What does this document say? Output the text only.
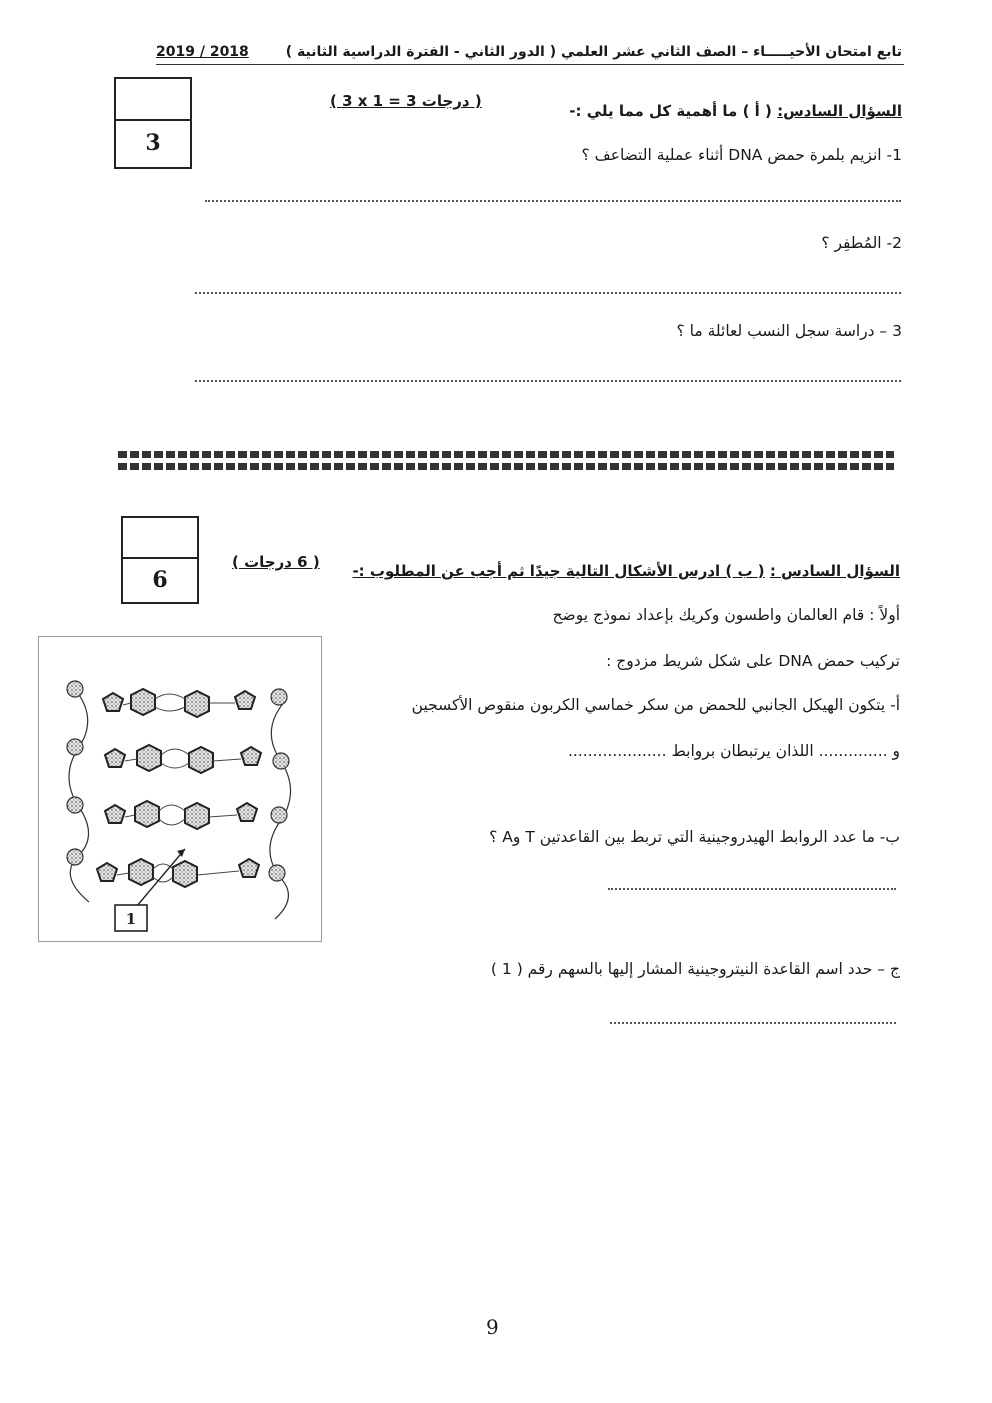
تابع امتحان الأحيـــــاء – الصف الثاني عشر العلمي ( الدور الثاني - الفترة الدراسية الثانية )
2019 / 2018
3
السؤال السادس: ( أ ) ما أهمية كل مما يلي :-
( 3 x 1 = 3 درجات )
1- انزيم بلمرة حمض DNA أثناء عملية التضاعف ؟
2- المُطفِر ؟
3 – دراسة سجل النسب لعائلة ما ؟
6	السؤال السادس : ( ب ) ادرس الأشكال التالية جيدًا ثم أجب عن المطلوب :-
( 6 درجات )
أولاً : قام العالمان واطسون وكريك بإعداد نموذج يوضح
تركيب حمض DNA على شكل شريط مزدوج :
أ- يتكون الهيكل الجانبي للحمض من سكر خماسي الكربون منقوص الأكسجين
و .............. اللذان يرتبطان بروابط ....................
ب- ما عدد الروابط الهيدروجينية التي تربط بين القاعدتين T وA ؟
ج – حدد اسم القاعدة النيتروجينية المشار إليها بالسهم رقم ( 1 )
1
9
